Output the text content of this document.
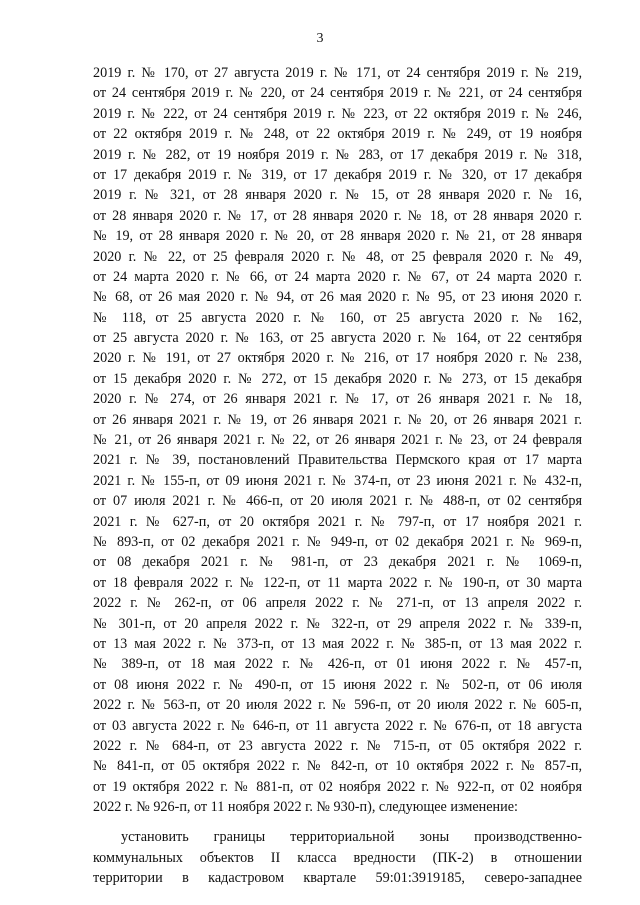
3
2019 г. № 170, от 27 августа 2019 г. № 171, от 24 сентября 2019 г. № 219,
от 24 сентября 2019 г. № 220, от 24 сентября 2019 г. № 221, от 24 сентября
2019 г. № 222, от 24 сентября 2019 г. № 223, от 22 октября 2019 г. № 246,
от 22 октября 2019 г. № 248, от 22 октября 2019 г. № 249, от 19 ноября
2019 г. № 282, от 19 ноября 2019 г. № 283, от 17 декабря 2019 г. № 318,
от 17 декабря 2019 г. № 319, от 17 декабря 2019 г. № 320, от 17 декабря
2019 г. № 321, от 28 января 2020 г. № 15, от 28 января 2020 г. № 16,
от 28 января 2020 г. № 17, от 28 января 2020 г. № 18, от 28 января 2020 г.
№ 19, от 28 января 2020 г. № 20, от 28 января 2020 г. № 21, от 28 января
2020 г. № 22, от 25 февраля 2020 г. № 48, от 25 февраля 2020 г. № 49,
от 24 марта 2020 г. № 66, от 24 марта 2020 г. № 67, от 24 марта 2020 г.
№ 68, от 26 мая 2020 г. № 94, от 26 мая 2020 г. № 95, от 23 июня 2020 г.
№ 118, от 25 августа 2020 г. № 160, от 25 августа 2020 г. № 162,
от 25 августа 2020 г. № 163, от 25 августа 2020 г. № 164, от 22 сентября
2020 г. № 191, от 27 октября 2020 г. № 216, от 17 ноября 2020 г. № 238,
от 15 декабря 2020 г. № 272, от 15 декабря 2020 г. № 273, от 15 декабря
2020 г. № 274, от 26 января 2021 г. № 17, от 26 января 2021 г. № 18,
от 26 января 2021 г. № 19, от 26 января 2021 г. № 20, от 26 января 2021 г.
№ 21, от 26 января 2021 г. № 22, от 26 января 2021 г. № 23, от 24 февраля
2021 г. № 39, постановлений Правительства Пермского края от 17 марта
2021 г. № 155-п, от 09 июня 2021 г. № 374-п, от 23 июня 2021 г. № 432-п,
от 07 июля 2021 г. № 466-п, от 20 июля 2021 г. № 488-п, от 02 сентября
2021 г. № 627-п, от 20 октября 2021 г. № 797-п, от 17 ноября 2021 г.
№ 893-п, от 02 декабря 2021 г. № 949-п, от 02 декабря 2021 г. № 969-п,
от 08 декабря 2021 г. № 981-п, от 23 декабря 2021 г. № 1069-п,
от 18 февраля 2022 г. № 122-п, от 11 марта 2022 г. № 190-п, от 30 марта
2022 г. № 262-п, от 06 апреля 2022 г. № 271-п, от 13 апреля 2022 г.
№ 301-п, от 20 апреля 2022 г. № 322-п, от 29 апреля 2022 г. № 339-п,
от 13 мая 2022 г. № 373-п, от 13 мая 2022 г. № 385-п, от 13 мая 2022 г.
№ 389-п, от 18 мая 2022 г. № 426-п, от 01 июня 2022 г. № 457-п,
от 08 июня 2022 г. № 490-п, от 15 июня 2022 г. № 502-п, от 06 июля
2022 г. № 563-п, от 20 июля 2022 г. № 596-п, от 20 июля 2022 г. № 605-п,
от 03 августа 2022 г. № 646-п, от 11 августа 2022 г. № 676-п, от 18 августа
2022 г. № 684-п, от 23 августа 2022 г. № 715-п, от 05 октября 2022 г.
№ 841-п, от 05 октября 2022 г. № 842-п, от 10 октября 2022 г. № 857-п,
от 19 октября 2022 г. № 881-п, от 02 ноября 2022 г. № 922-п, от 02 ноября
2022 г. № 926-п, от 11 ноября 2022 г. № 930-п), следующее изменение:
установить границы территориальной зоны производственно-
коммунальных объектов II класса вредности (ПК-2) в отношении
территории в кадастровом квартале 59:01:3919185, северо-западнее
